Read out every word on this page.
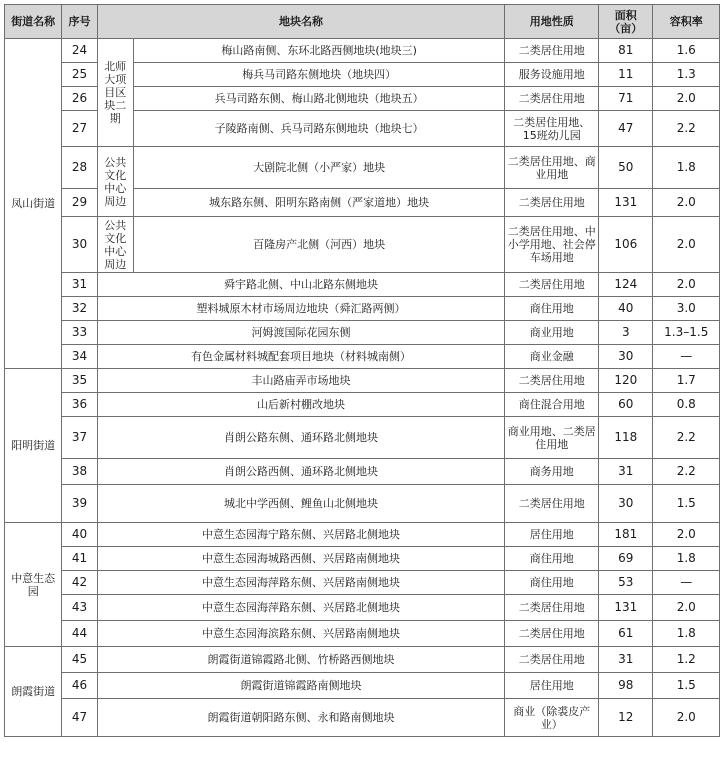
街道名称	序号	地块名称		用地性质	面积（亩）	容积率
凤山街道	24	北师大项目区块二期	梅山路南侧、东环北路西侧地块(地块三)	二类居住用地	81	1.6
	25		梅兵马司路东侧地块（地块四）	服务设施用地	11	1.3
	26		兵马司路东侧、梅山路北侧地块（地块五）	二类居住用地	71	2.0
	27		子陵路南侧、兵马司路东侧地块（地块七）	二类居住用地、15班幼儿园	47	2.2
	28	公共文化中心周边	大剧院北侧（小严家）地块	二类居住用地、商业用地	50	1.8
	29		城东路东侧、阳明东路南侧（严家道地）地块	二类居住用地	131	2.0
	30	公共文化中心周边	百隆房产北侧（河西）地块	二类居住用地、中小学用地、社会停车场用地	106	2.0
	31	舜宇路北侧、中山北路东侧地块		二类居住用地	124	2.0
	32	塑料城原木材市场周边地块（舜汇路两侧）		商住用地	40	3.0
	33	河姆渡国际花园东侧		商业用地	3	1.3–1.5
	34	有色金属材料城配套项目地块（材料城南侧）		商业金融	30	—
阳明街道	35	丰山路庙弄市场地块		二类居住用地	120	1.7
	36	山后新村棚改地块		商住混合用地	60	0.8
	37	肖朗公路东侧、通环路北侧地块		商业用地、二类居住用地	118	2.2
	38	肖朗公路西侧、通环路北侧地块		商务用地	31	2.2
	39	城北中学西侧、鲤鱼山北侧地块		二类居住用地	30	1.5
中意生态园	40	中意生态园海宁路东侧、兴居路北侧地块		居住用地	181	2.0
	41	中意生态园海城路西侧、兴居路南侧地块		商住用地	69	1.8
	42	中意生态园海萍路东侧、兴居路南侧地块		商住用地	53	—
	43	中意生态园海萍路东侧、兴居路北侧地块		二类居住用地	131	2.0
	44	中意生态园海滨路东侧、兴居路南侧地块		二类居住用地	61	1.8
朗霞街道	45	朗霞街道锦霞路北侧、竹桥路西侧地块		二类居住用地	31	1.2
	46	朗霞街道锦霞路南侧地块		居住用地	98	1.5
	47	朗霞街道朝阳路东侧、永和路南侧地块		商业（除裘皮产业）	12	2.0
